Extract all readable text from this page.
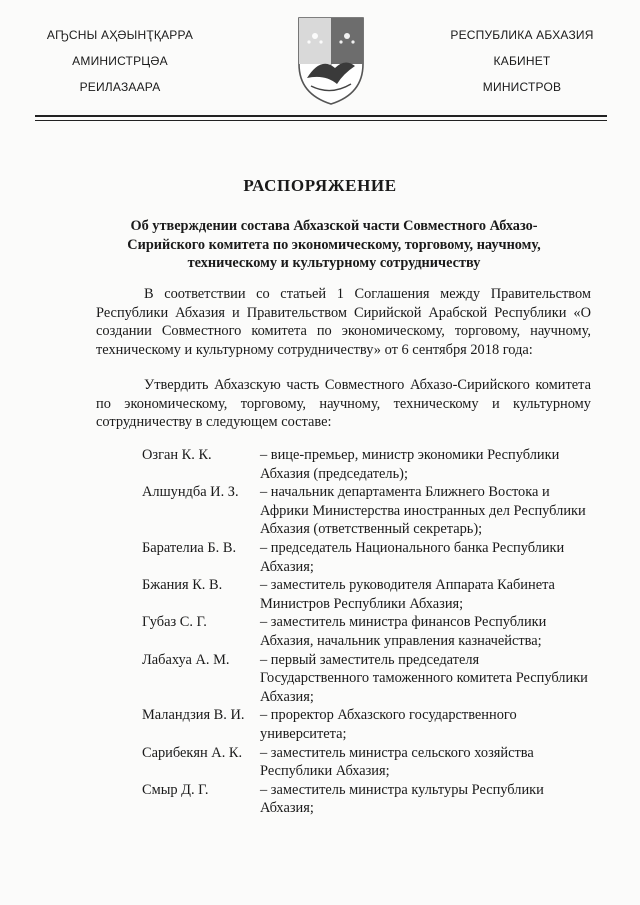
АҦСНЫ АҲӘЫНҬҚАРРА
АМИНИСТРЦӘА
РЕИЛАЗААРА
РЕСПУБЛИКА АБХАЗИЯ
КАБИНЕТ
МИНИСТРОВ
РАСПОРЯЖЕНИЕ
Об утверждении состава Абхазской части Совместного Абхазо-Сирийского комитета по экономическому, торговому, научному, техническому и культурному сотрудничеству
В соответствии со статьей 1 Соглашения между Правительством Республики Абхазия и Правительством Сирийской Арабской Республики «О создании Совместного комитета по экономическому, торговому, научному, техническому и культурному сотрудничеству» от 6 сентября 2018 года:
Утвердить Абхазскую часть Совместного Абхазо-Сирийского комитета по экономическому, торговому, научному, техническому и культурному сотрудничеству в следующем составе:
Озган К. К.	– вице-премьер, министр экономики Республики Абхазия (председатель);
Алшундба И. З.	– начальник департамента Ближнего Востока и Африки Министерства иностранных дел Республики Абхазия (ответственный секретарь);
Барателиа Б. В.	– председатель Национального банка Республики Абхазия;
Бжания К. В.	– заместитель руководителя Аппарата Кабинета Министров Республики Абхазия;
Губаз С. Г.	– заместитель министра финансов Республики Абхазия, начальник управления казначейства;
Лабахуа А. М.	– первый заместитель председателя Государственного таможенного комитета Республики Абхазия;
Маландзия В. И.	– проректор Абхазского государственного университета;
Сарибекян А. К.	– заместитель министра сельского хозяйства Республики Абхазия;
Смыр Д. Г.	– заместитель министра культуры Республики Абхазия;
